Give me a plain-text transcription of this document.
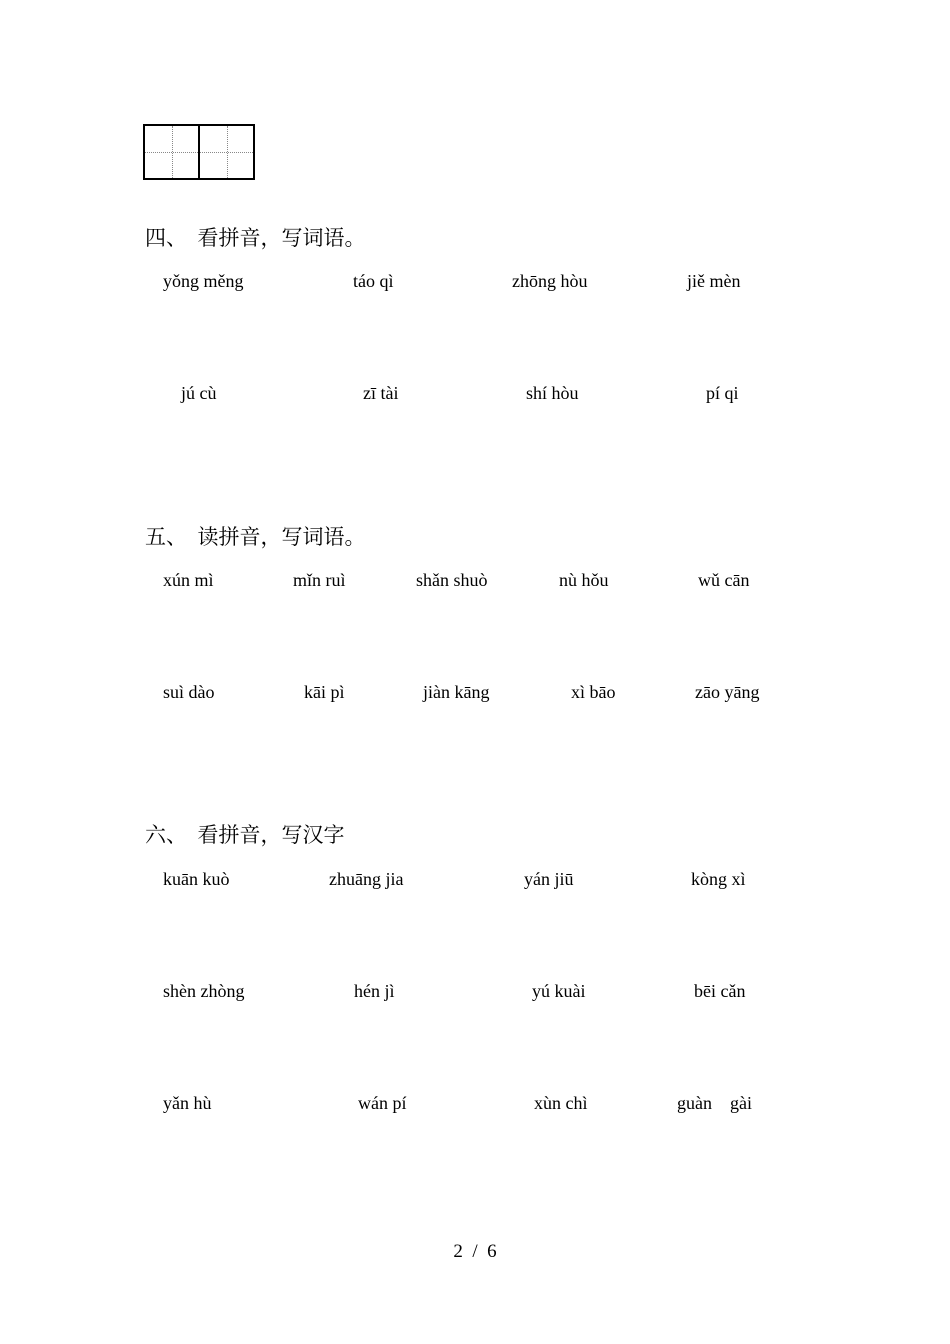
四、  看拼音，写词语。
yǒng měng	táo qì	zhōng hòu	jiě mèn
jú cù	zī tài	shí hòu	pí qi
五、  读拼音，写词语。
xún mì	mǐn ruì	shǎn shuò	nù hǒu	wǔ cān
suì dào	kāi pì	jiàn kāng	xì bāo	zāo yāng
六、  看拼音，写汉字
kuān kuò	zhuāng jia	yán jiū	kòng xì
shèn zhòng	hén jì	yú kuài	bēi cǎn
yǎn hù	wán pí	xùn chì	guàn    gài
2  /  6
